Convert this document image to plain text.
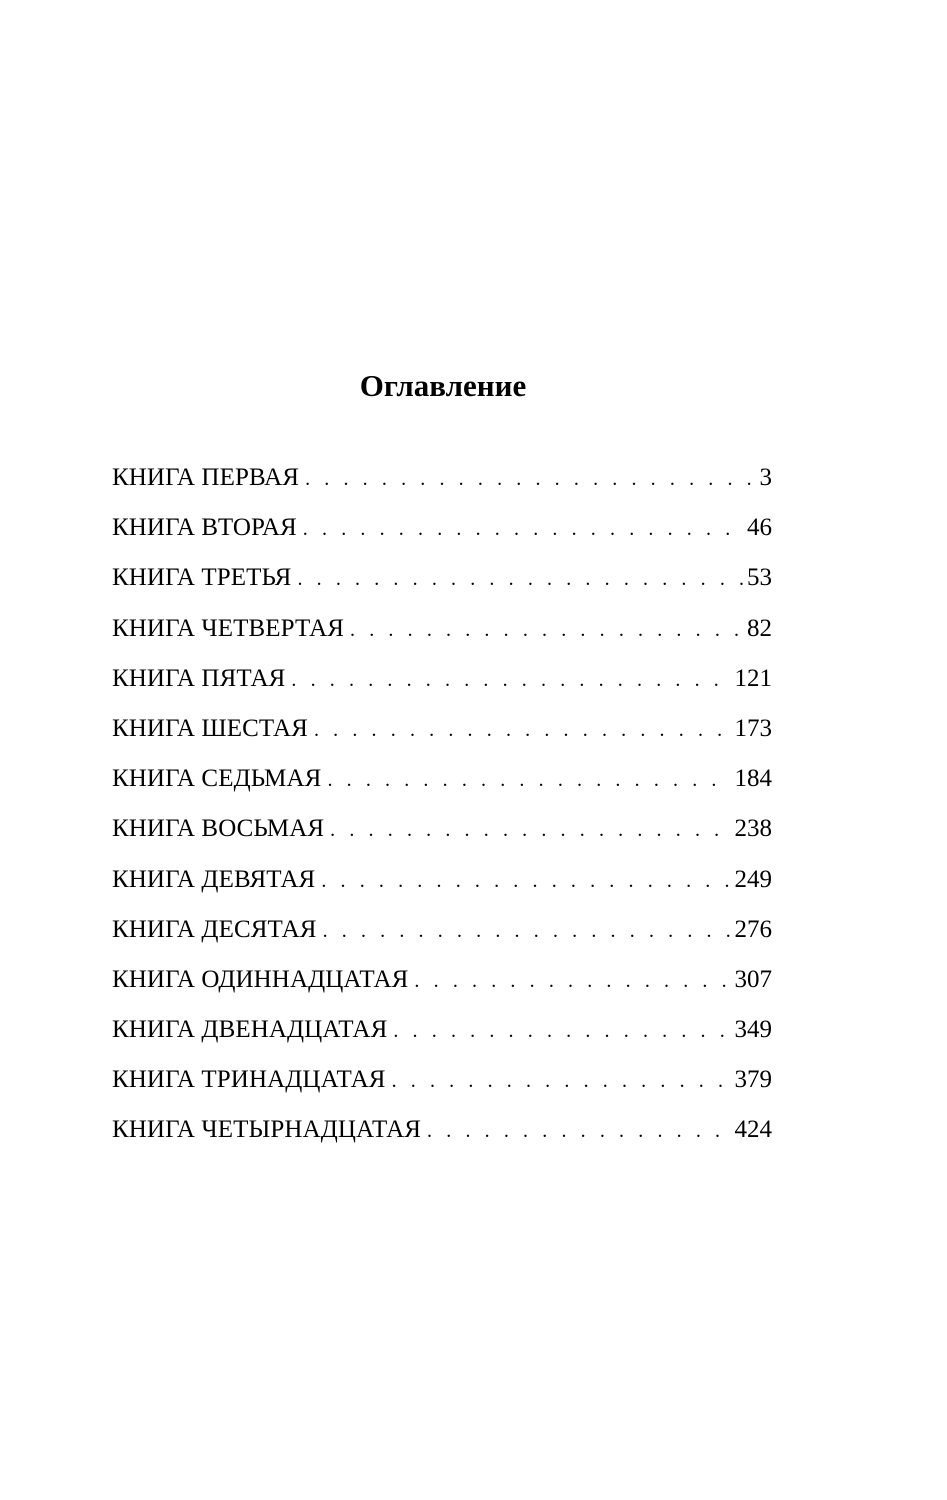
Оглавление
КНИГА ПЕРВАЯ . . .	3
КНИГА ВТОРАЯ . . .	46
КНИГА ТРЕТЬЯ . . .	53
КНИГА ЧЕТВЕРТАЯ . . .	82
КНИГА ПЯТАЯ . . .	121
КНИГА ШЕСТАЯ . . .	173
КНИГА СЕДЬМАЯ . . .	184
КНИГА ВОСЬМАЯ . . .	238
КНИГА ДЕВЯТАЯ . . .	249
КНИГА ДЕСЯТАЯ . . .	276
КНИГА ОДИННАДЦАТАЯ . . .	307
КНИГА ДВЕНАДЦАТАЯ . . .	349
КНИГА ТРИНАДЦАТАЯ . . .	379
КНИГА ЧЕТЫРНАДЦАТАЯ . . .	424
